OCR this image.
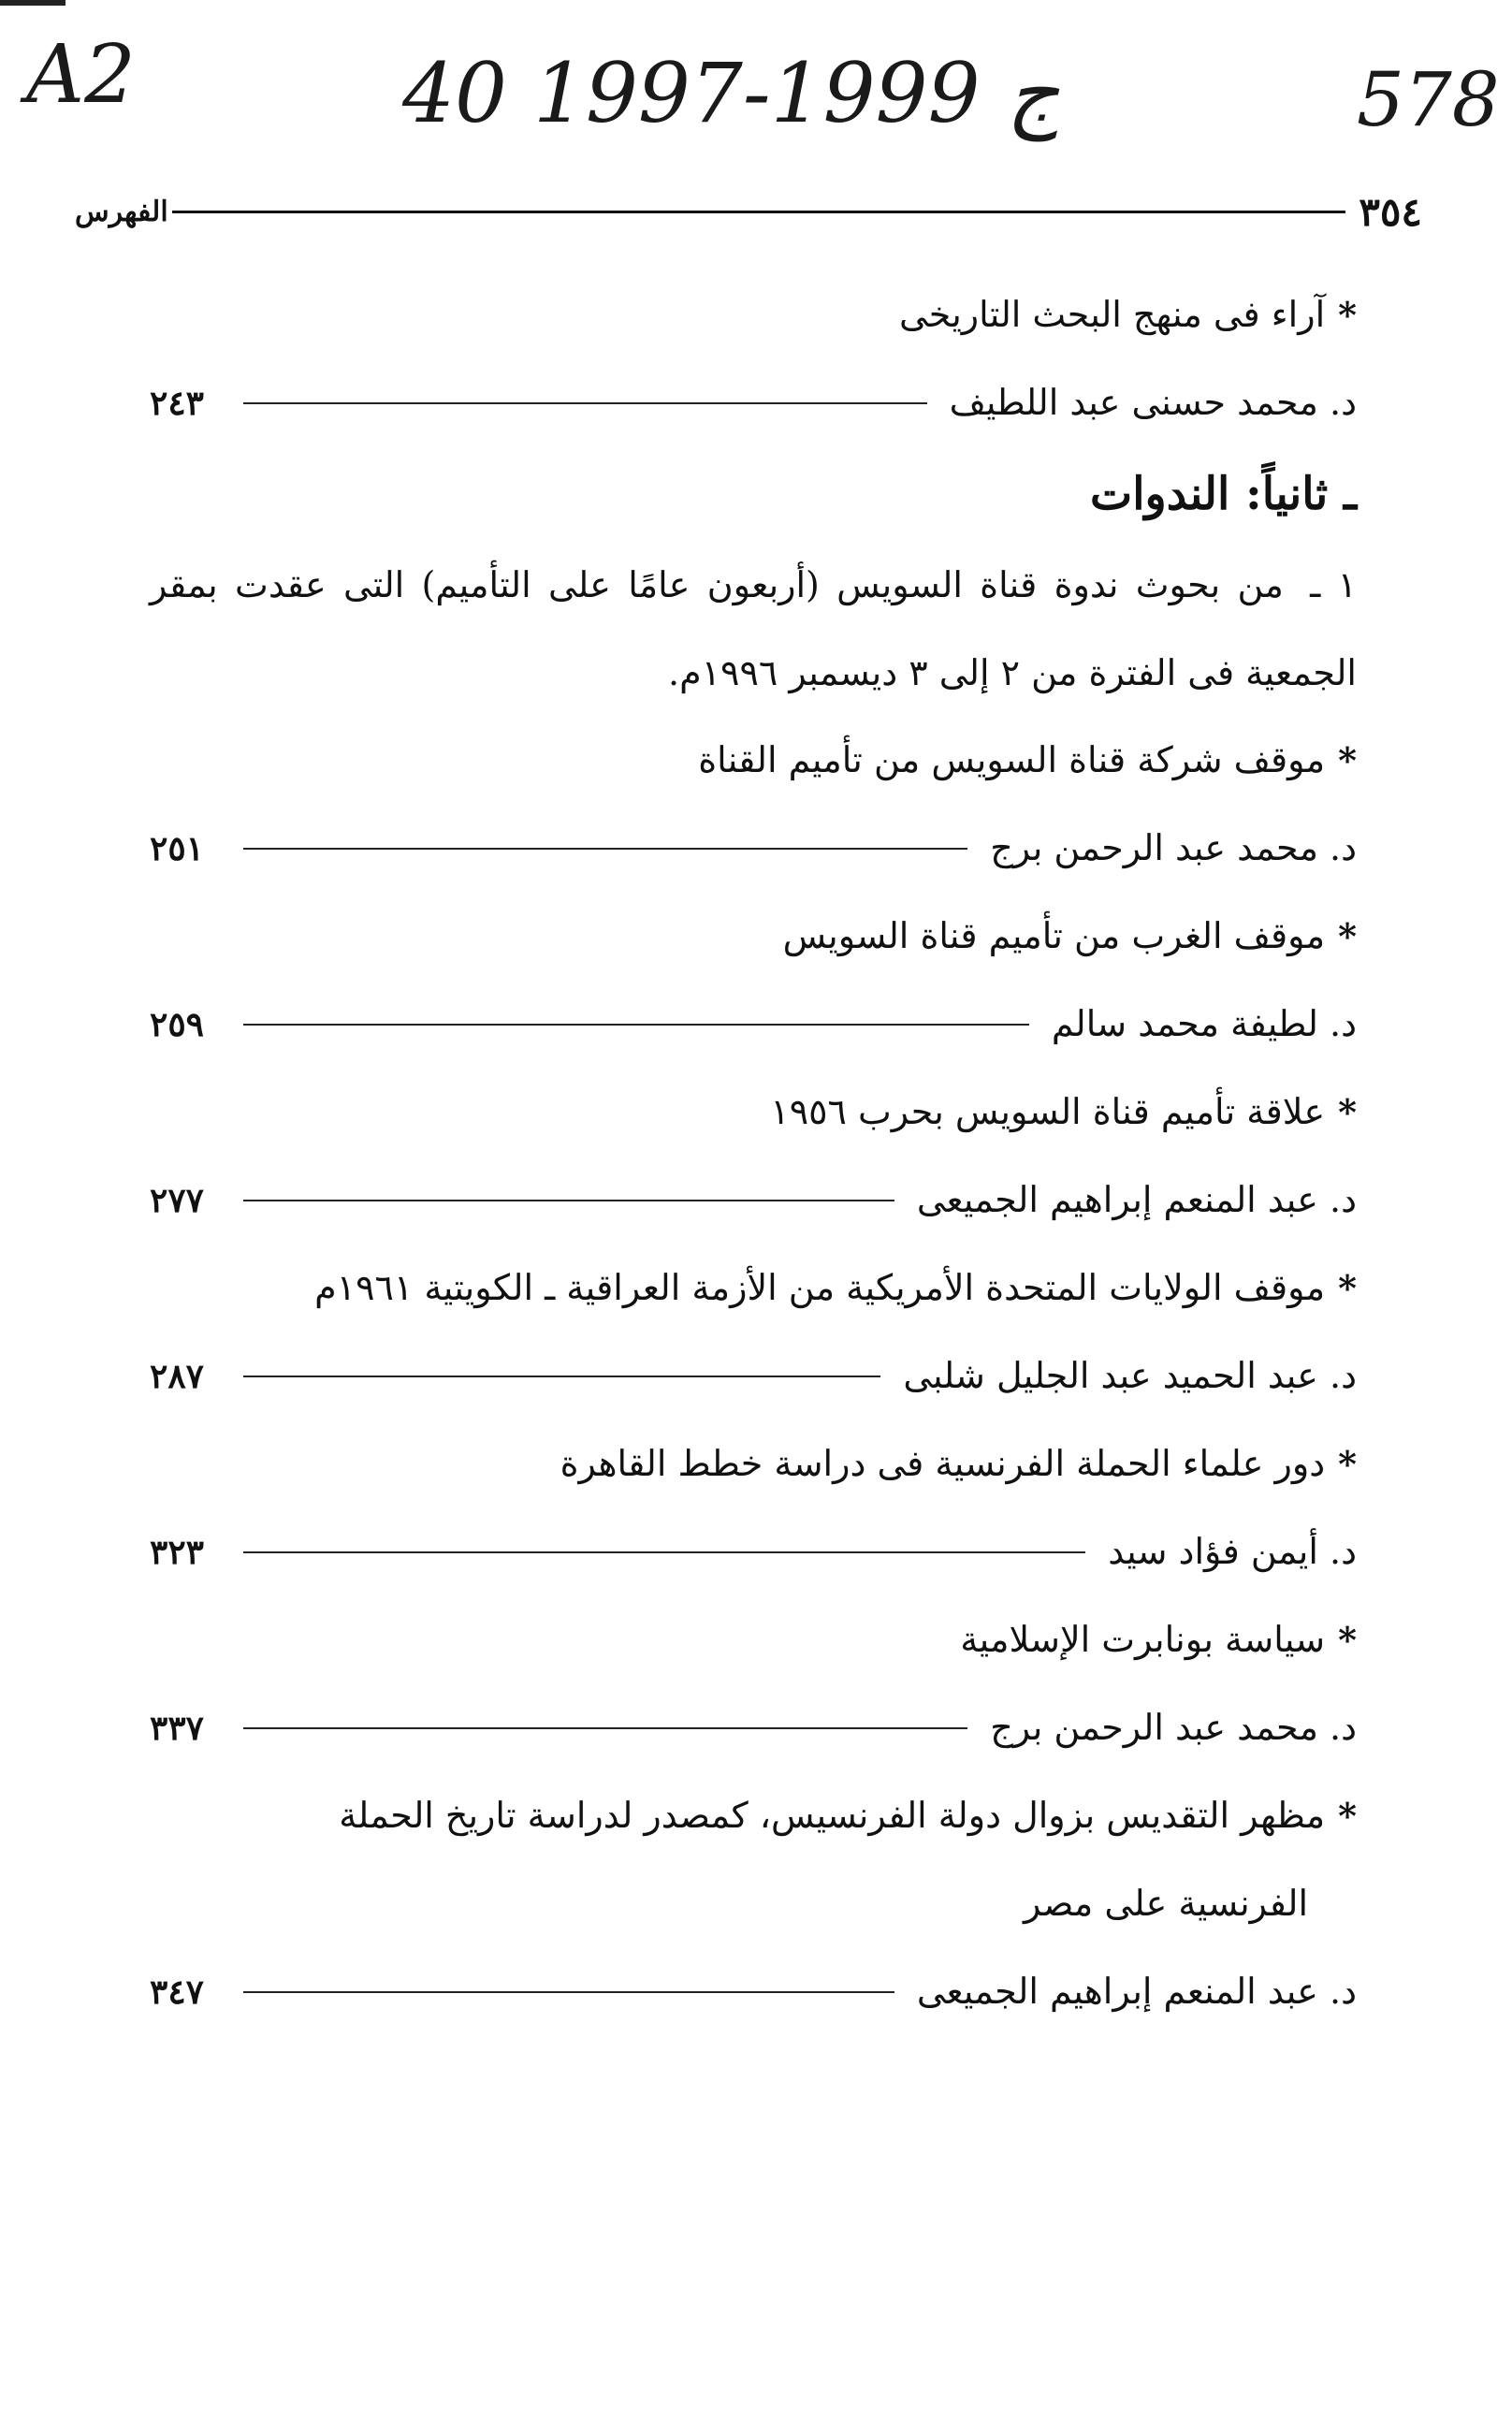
A2	40 ج 1999-1997	578
٣٥٤
الفهرس
*
آراء فى منهج البحث التاريخى
د. محمد حسنى عبد اللطيف
٢٤٣
ـ ثانياً: الندوات
١ ـ من بحوث ندوة قناة السويس (أربعون عامًا على التأميم) التى عقدت بمقر الجمعية فى الفترة من ٢ إلى ٣ ديسمبر ١٩٩٦م.
*
موقف شركة قناة السويس من تأميم القناة
د. محمد عبد الرحمن برج
٢٥١
*
موقف الغرب من تأميم قناة السويس
د. لطيفة محمد سالم
٢٥٩
*
علاقة تأميم قناة السويس بحرب ١٩٥٦
د. عبد المنعم إبراهيم الجميعى
٢٧٧
*
موقف الولايات المتحدة الأمريكية من الأزمة العراقية ـ الكويتية ١٩٦١م
د. عبد الحميد عبد الجليل شلبى
٢٨٧
*
دور علماء الحملة الفرنسية فى دراسة خطط القاهرة
د. أيمن فؤاد سيد
٣٢٣
*
سياسة بونابرت الإسلامية
د. محمد عبد الرحمن برج
٣٣٧
*
مظهر التقديس بزوال دولة الفرنسيس، كمصدر لدراسة تاريخ الحملة
الفرنسية على مصر
د. عبد المنعم إبراهيم الجميعى
٣٤٧
